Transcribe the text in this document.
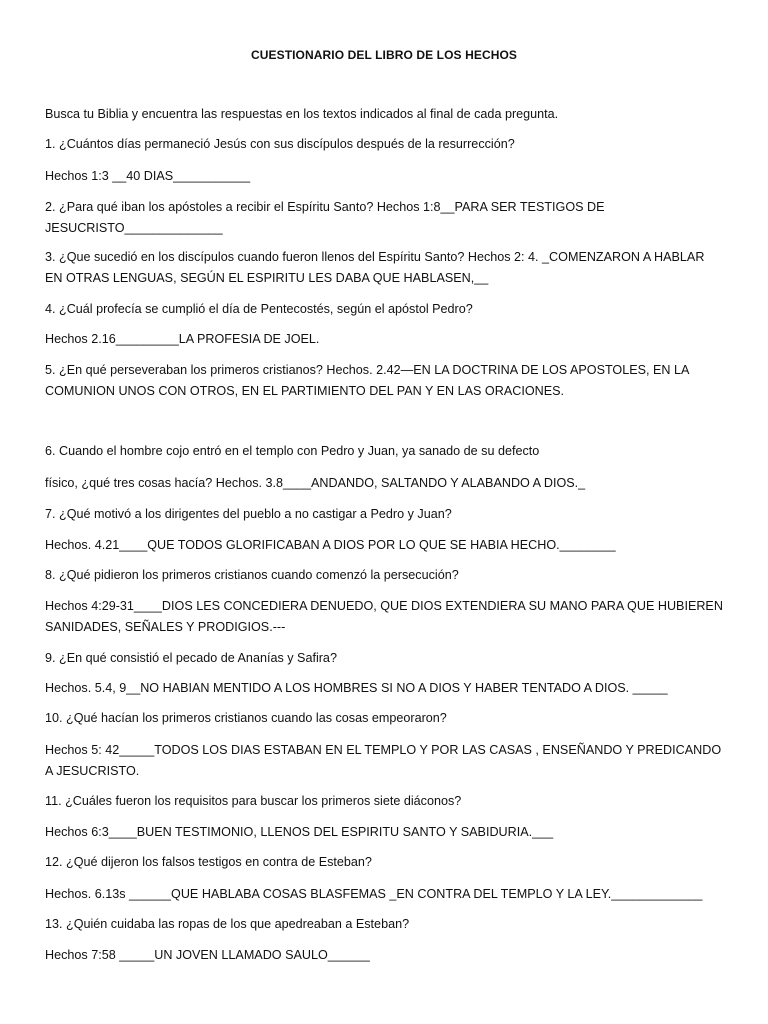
CUESTIONARIO DEL LIBRO DE LOS HECHOS
Busca tu Biblia y encuentra las respuestas en los textos indicados al final de cada pregunta.
1. ¿Cuántos días permaneció Jesús con sus discípulos después de la resurrección?
Hechos 1:3 __40 DIAS___________
2. ¿Para qué iban los apóstoles a recibir el Espíritu Santo? Hechos 1:8__PARA SER TESTIGOS DE JESUCRISTO______________
3. ¿Que sucedió en los discípulos cuando fueron llenos del Espíritu Santo? Hechos 2: 4. _COMENZARON A HABLAR EN OTRAS LENGUAS, SEGÚN EL ESPIRITU LES DABA QUE HABLASEN,__
4. ¿Cuál profecía se cumplió el día de Pentecostés, según el apóstol Pedro?
Hechos 2.16_________LA PROFESIA DE JOEL.
5. ¿En qué perseveraban los primeros cristianos? Hechos. 2.42—EN LA DOCTRINA DE LOS APOSTOLES, EN LA COMUNION UNOS CON OTROS, EN EL PARTIMIENTO DEL PAN Y EN LAS ORACIONES.
6. Cuando el hombre cojo entró en el templo con Pedro y Juan, ya sanado de su defecto
físico, ¿qué tres cosas hacía? Hechos. 3.8____ANDANDO, SALTANDO Y ALABANDO A DIOS._
7. ¿Qué motivó a los dirigentes del pueblo a no castigar a Pedro y Juan?
Hechos. 4.21____QUE TODOS GLORIFICABAN A DIOS POR LO QUE SE HABIA HECHO.________
8. ¿Qué pidieron los primeros cristianos cuando comenzó la persecución?
Hechos 4:29-31____DIOS LES CONCEDIERA DENUEDO, QUE DIOS EXTENDIERA SU MANO PARA QUE HUBIEREN SANIDADES, SEÑALES Y PRODIGIOS.---
9. ¿En qué consistió el pecado de Ananías y Safira?
Hechos. 5.4, 9__NO HABIAN MENTIDO A LOS HOMBRES SI NO A DIOS Y HABER TENTADO A DIOS. _____
10. ¿Qué hacían los primeros cristianos cuando las cosas empeoraron?
Hechos 5: 42_____TODOS LOS DIAS ESTABAN EN EL TEMPLO Y POR LAS CASAS , ENSEÑANDO Y PREDICANDO A JESUCRISTO.
11. ¿Cuáles fueron los requisitos para buscar los primeros siete diáconos?
Hechos 6:3____BUEN TESTIMONIO, LLENOS DEL ESPIRITU SANTO Y SABIDURIA.___
12. ¿Qué dijeron los falsos testigos en contra de Esteban?
Hechos. 6.13s ______QUE HABLABA COSAS BLASFEMAS _EN CONTRA DEL TEMPLO Y LA LEY._____________
13. ¿Quién cuidaba las ropas de los que apedreaban a Esteban?
Hechos 7:58 _____UN JOVEN LLAMADO SAULO______
